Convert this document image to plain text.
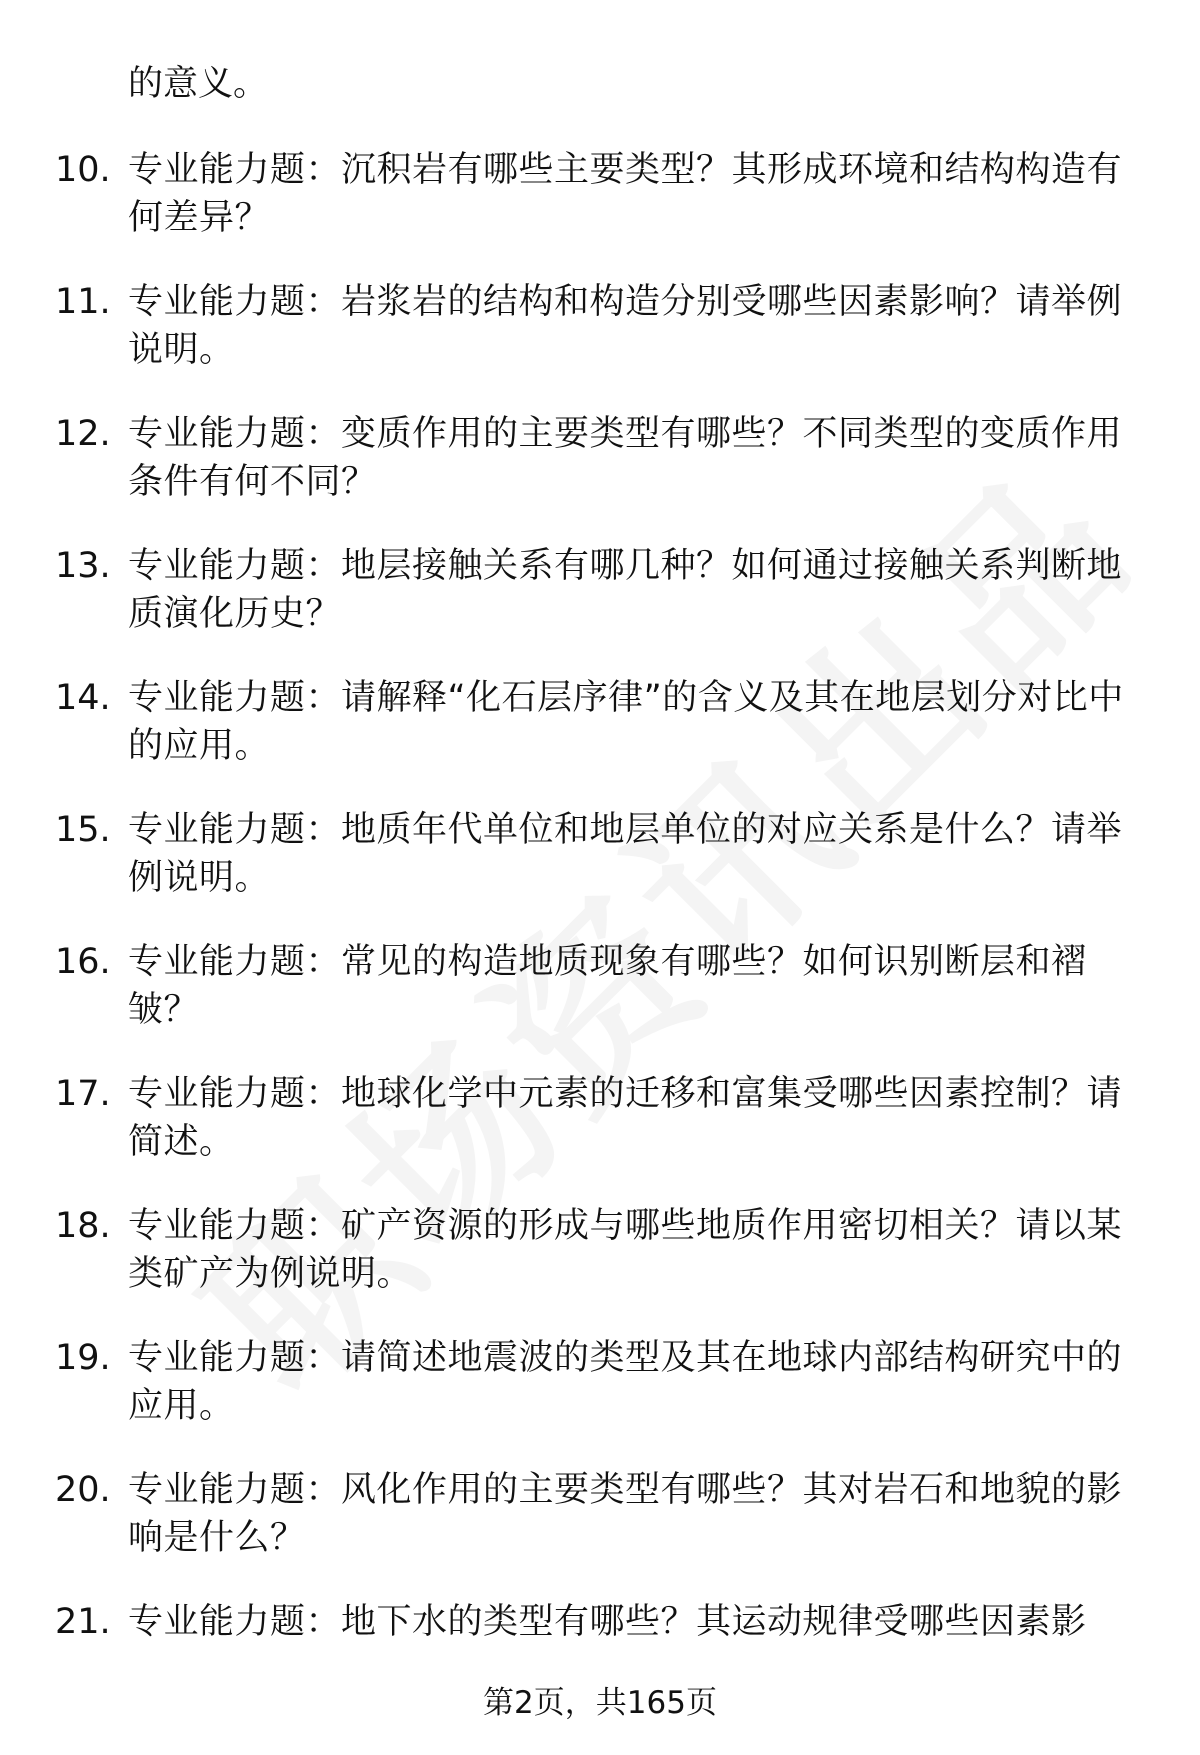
的意义。
10. 专业能力题：沉积岩有哪些主要类型？其形成环境和结构构造有何差异？
11. 专业能力题：岩浆岩的结构和构造分别受哪些因素影响？请举例说明。
12. 专业能力题：变质作用的主要类型有哪些？不同类型的变质作用条件有何不同？
13. 专业能力题：地层接触关系有哪几种？如何通过接触关系判断地质演化历史？
14. 专业能力题：请解释“化石层序律”的含义及其在地层划分对比中的应用。
15. 专业能力题：地质年代单位和地层单位的对应关系是什么？请举例说明。
16. 专业能力题：常见的构造地质现象有哪些？如何识别断层和褶皱？
17. 专业能力题：地球化学中元素的迁移和富集受哪些因素控制？请简述。
18. 专业能力题：矿产资源的形成与哪些地质作用密切相关？请以某类矿产为例说明。
19. 专业能力题：请简述地震波的类型及其在地球内部结构研究中的应用。
20. 专业能力题：风化作用的主要类型有哪些？其对岩石和地貌的影响是什么？
21. 专业能力题：地下水的类型有哪些？其运动规律受哪些因素影
第2页，共165页
